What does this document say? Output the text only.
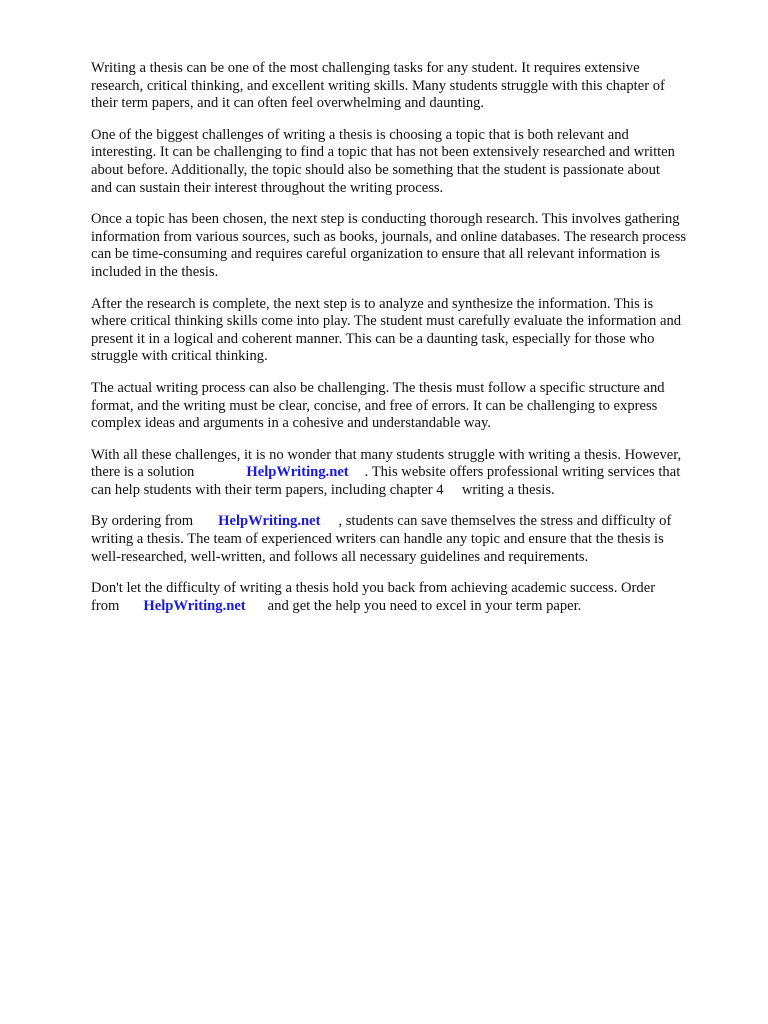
Writing a thesis can be one of the most challenging tasks for any student. It requires extensive
research, critical thinking, and excellent writing skills. Many students struggle with this chapter of
their term papers, and it can often feel overwhelming and daunting.

One of the biggest challenges of writing a thesis is choosing a topic that is both relevant and
interesting. It can be challenging to find a topic that has not been extensively researched and written
about before. Additionally, the topic should also be something that the student is passionate about
and can sustain their interest throughout the writing process.

Once a topic has been chosen, the next step is conducting thorough research. This involves gathering
information from various sources, such as books, journals, and online databases. The research process
can be time-consuming and requires careful organization to ensure that all relevant information is
included in the thesis.

After the research is complete, the next step is to analyze and synthesize the information. This is
where critical thinking skills come into play. The student must carefully evaluate the information and
present it in a logical and coherent manner. This can be a daunting task, especially for those who
struggle with critical thinking.

The actual writing process can also be challenging. The thesis must follow a specific structure and
format, and the writing must be clear, concise, and free of errors. It can be challenging to express
complex ideas and arguments in a cohesive and understandable way.

With all these challenges, it is no wonder that many students struggle with writing a thesis. However,
there is a solution	HelpWriting.net . This website offers professional writing services that
can help students with their term papers, including chapter 4     writing a thesis.

By ordering from HelpWriting.net , students can save themselves the stress and difficulty of
writing a thesis. The team of experienced writers can handle any topic and ensure that the thesis is
well-researched, well-written, and follows all necessary guidelines and requirements.

Don't let the difficulty of writing a thesis hold you back from achieving academic success. Order
from HelpWriting.net and get the help you need to excel in your term paper.
